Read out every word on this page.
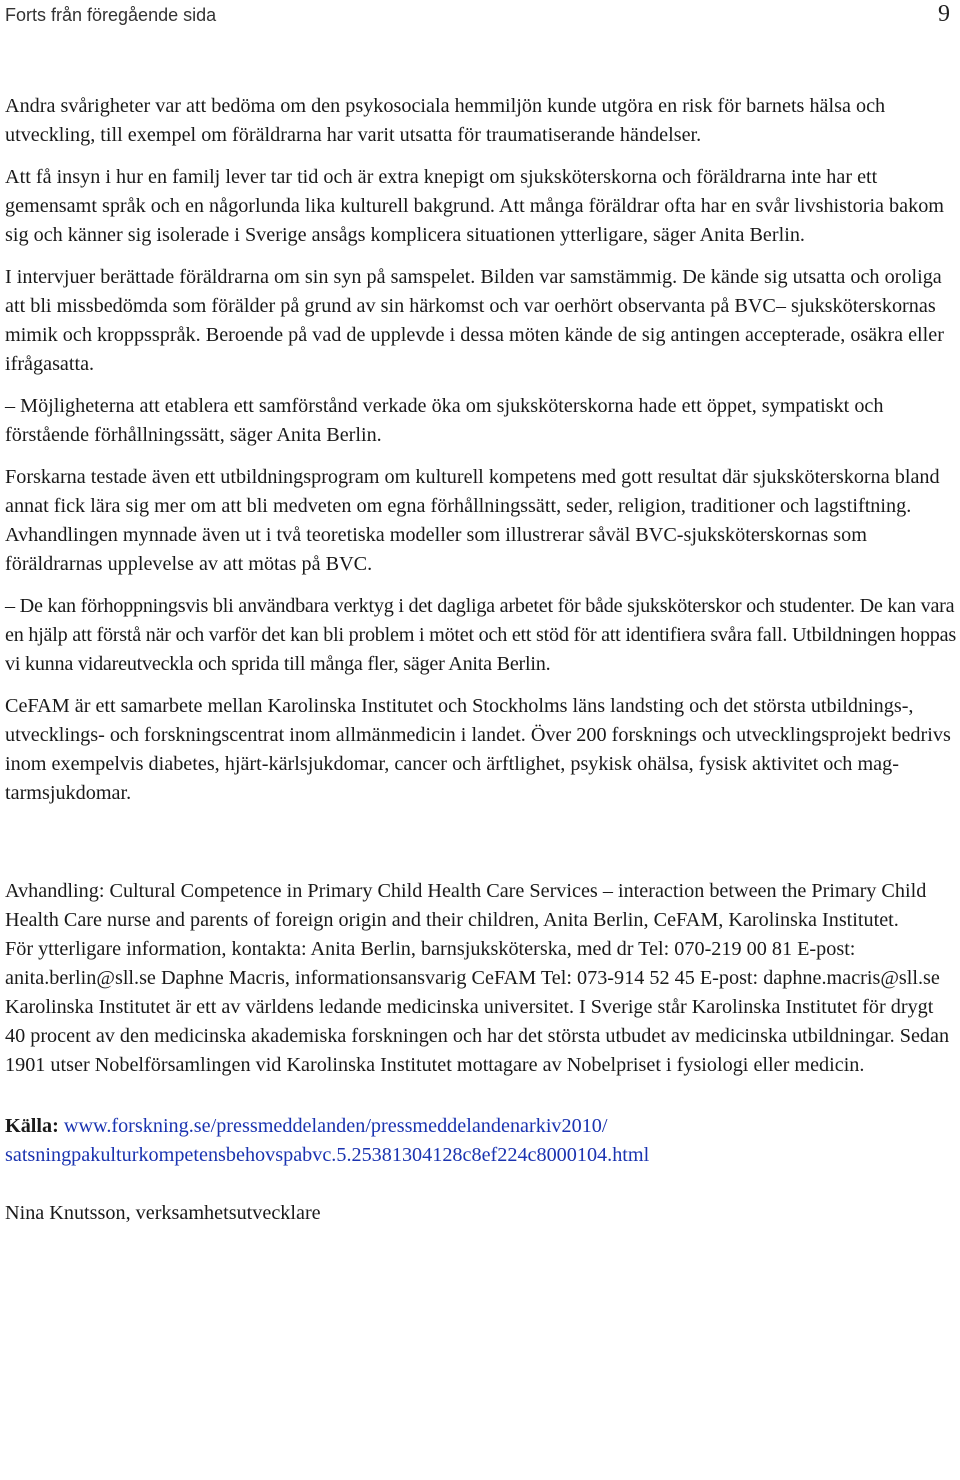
Forts från föregående sida	9

Andra svårigheter var att bedöma om den psykosociala hemmiljön kunde utgöra en risk för barnets hälsa och utveckling, till exempel om föräldrarna har varit utsatta för traumatiserande händelser.

Att få insyn i hur en familj lever tar tid och är extra knepigt om sjuksköterskorna och föräldrarna inte har ett gemensamt språk och en någorlunda lika kulturell bakgrund. Att många föräldrar ofta har en svår livshistoria bakom sig och känner sig isolerade i Sverige ansågs komplicera situationen ytterligare, säger Anita Berlin.

I intervjuer berättade föräldrarna om sin syn på samspelet. Bilden var samstämmig. De kände sig utsatta och oroliga att bli missbedömda som förälder på grund av sin härkomst och var oerhört observanta på BVC– sjuksköterskornas mimik och kroppsspråk. Beroende på vad de upplevde i dessa möten kände de sig antingen accepterade, osäkra eller ifrågasatta.

– Möjligheterna att etablera ett samförstånd verkade öka om sjuksköterskorna hade ett öppet, sympatiskt och förstående förhållningssätt, säger Anita Berlin.

Forskarna testade även ett utbildningsprogram om kulturell kompetens med gott resultat där sjuksköterskorna bland annat fick lära sig mer om att bli medveten om egna förhållningssätt, seder, religion, traditioner och lagstiftning. Avhandlingen mynnade även ut i två teoretiska modeller som illustrerar såväl BVC-sjuksköterskornas som föräldrarnas upplevelse av att mötas på BVC.

– De kan förhoppningsvis bli användbara verktyg i det dagliga arbetet för både sjuksköterskor och studenter. De kan vara en hjälp att förstå när och varför det kan bli problem i mötet och ett stöd för att identifiera svåra fall. Utbildningen hoppas vi kunna vidareutveckla och sprida till många fler, säger Anita Berlin.

CeFAM är ett samarbete mellan Karolinska Institutet och Stockholms läns landsting och det största utbildnings-, utvecklings- och forskningscentrat inom allmänmedicin i landet. Över 200 forsknings och utvecklingsprojekt bedrivs inom exempelvis diabetes, hjärt-kärlsjukdomar, cancer och ärftlighet, psykisk ohälsa, fysisk aktivitet och mag-tarmsjukdomar.

Avhandling: Cultural Competence in Primary Child Health Care Services – interaction between the Primary Child Health Care nurse and parents of foreign origin and their children, Anita Berlin, CeFAM, Karolinska Institutet.

För ytterligare information, kontakta: Anita Berlin, barnsjuksköterska, med dr Tel: 070-219 00 81 E-post: anita.berlin@sll.se Daphne Macris, informationsansvarig CeFAM Tel: 073-914 52 45 E-post: daphne.macris@sll.se Karolinska Institutet är ett av världens ledande medicinska universitet. I Sverige står Karolinska Institutet för drygt 40 procent av den medicinska akademiska forskningen och har det största utbudet av medicinska utbildningar. Sedan 1901 utser Nobelförsamlingen vid Karolinska Institutet mottagare av Nobelpriset i fysiologi eller medicin.

Källa: www.forskning.se/pressmeddelanden/pressmeddelandenarkiv2010/
satsningpakulturkompetensbehovspabvc.5.25381304128c8ef224c8000104.html

Nina Knutsson, verksamhetsutvecklare
